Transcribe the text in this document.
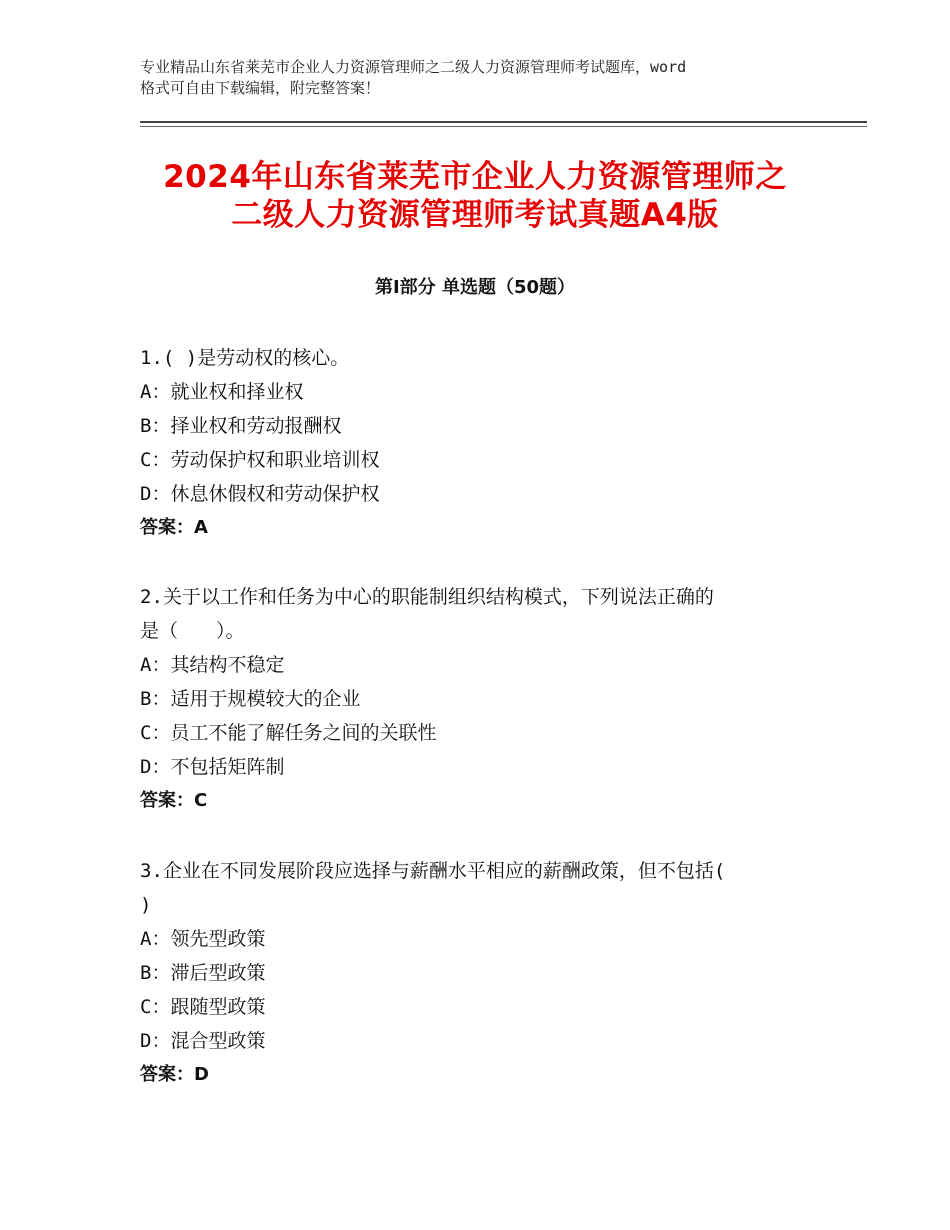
专业精品山东省莱芜市企业人力资源管理师之二级人力资源管理师考试题库，word

格式可自由下载编辑，附完整答案！

2024年山东省莱芜市企业人力资源管理师之

二级人力资源管理师考试真题A4版

第Ⅰ部分 单选题（50题）
1.( )是劳动权的核心。
A：就业权和择业权
B：择业权和劳动报酬权
C：劳动保护权和职业培训权
D：休息休假权和劳动保护权
答案：A
2.关于以工作和任务为中心的职能制组织结构模式，下列说法正确的
是（　　）。
A：其结构不稳定
B：适用于规模较大的企业
C：员工不能了解任务之间的关联性
D：不包括矩阵制
答案：C
3.企业在不同发展阶段应选择与薪酬水平相应的薪酬政策，但不包括(
)
A：领先型政策
B：滞后型政策
C：跟随型政策
D：混合型政策
答案：D
